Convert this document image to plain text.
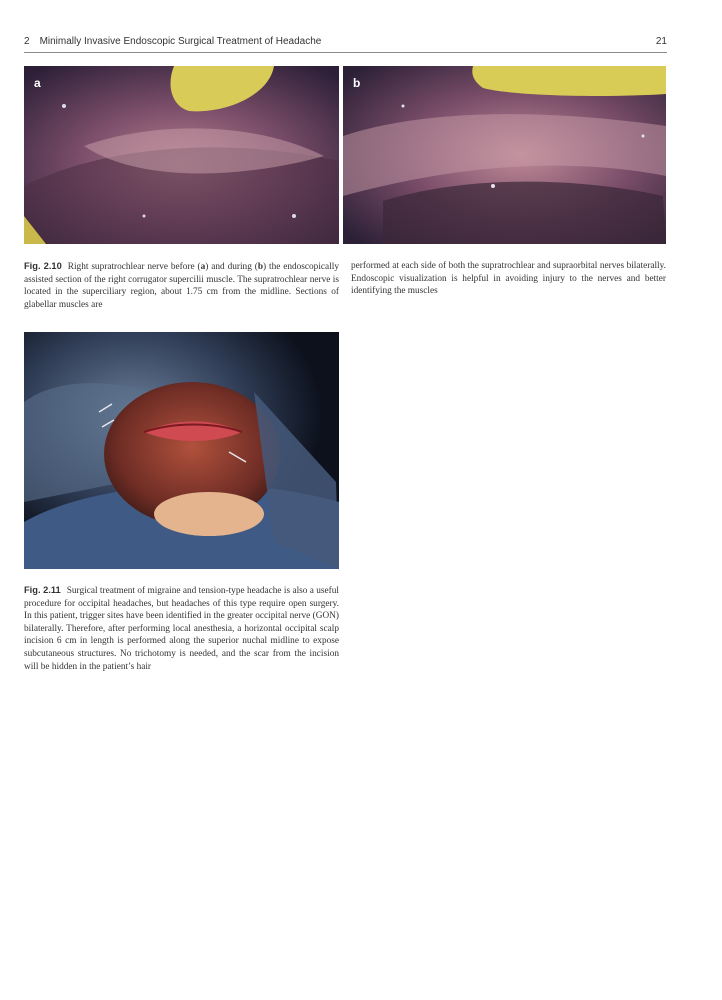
2 Minimally Invasive Endoscopic Surgical Treatment of Headache	21
a	b

Fig. 2.10 Right supratrochlear nerve before (a) and during (b) the endoscopically assisted section of the right corrugator supercilii muscle. The supratrochlear nerve is located in the superciliary region, about 1.75 cm from the midline. Sections of glabellar muscles are

performed at each side of both the supratrochlear and supraorbital nerves bilaterally. Endoscopic visualization is helpful in avoiding injury to the nerves and better identifying the muscles

Fig. 2.11 Surgical treatment of migraine and tension-type headache is also a useful procedure for occipital headaches, but headaches of this type require open surgery. In this patient, trigger sites have been identified in the greater occipital nerve (GON) bilaterally. Therefore, after performing local anesthesia, a horizontal occipital scalp incision 6 cm in length is performed along the superior nuchal midline to expose subcutaneous structures. No trichotomy is needed, and the scar from the incision will be hidden in the patient’s hair
